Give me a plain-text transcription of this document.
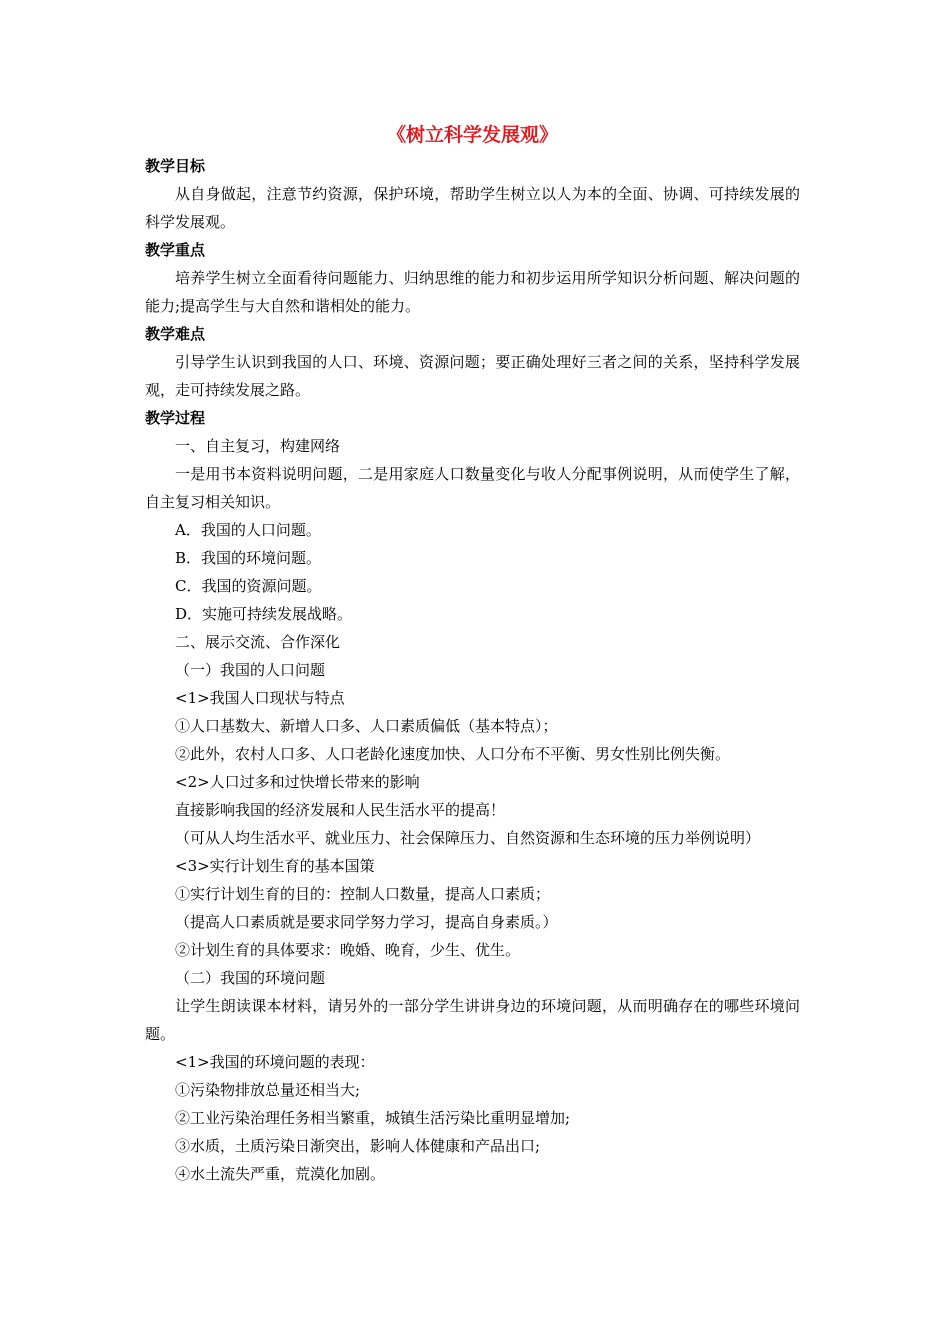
《树立科学发展观》
教学目标
从自身做起，注意节约资源，保护环境，帮助学生树立以人为本的全面、协调、可持续发展的科学发展观。
教学重点
培养学生树立全面看待问题能力、归纳思维的能力和初步运用所学知识分析问题、解决问题的能力;提高学生与大自然和谐相处的能力。
教学难点
引导学生认识到我国的人口、环境、资源问题；要正确处理好三者之间的关系，坚持科学发展观，走可持续发展之路。
教学过程
一、自主复习，构建网络
一是用书本资料说明问题，二是用家庭人口数量变化与收人分配事例说明，从而使学生了解，自主复习相关知识。
A．我国的人口问题。
B．我国的环境问题。
C．我国的资源问题。
D．实施可持续发展战略。
二、展示交流、合作深化
（一）我国的人口问题
<1>我国人口现状与特点
①人口基数大、新增人口多、人口素质偏低（基本特点）；
②此外，农村人口多、人口老龄化速度加快、人口分布不平衡、男女性别比例失衡。
<2>人口过多和过快增长带来的影响
直接影响我国的经济发展和人民生活水平的提高！
（可从人均生活水平、就业压力、社会保障压力、自然资源和生态环境的压力举例说明）
<3>实行计划生育的基本国策
①实行计划生育的目的：控制人口数量，提高人口素质；
（提高人口素质就是要求同学努力学习，提高自身素质。）
②计划生育的具体要求：晚婚、晚育，少生、优生。
（二）我国的环境问题
让学生朗读课本材料，请另外的一部分学生讲讲身边的环境问题，从而明确存在的哪些环境问题。
<1>我国的环境问题的表现：
①污染物排放总量还相当大;
②工业污染治理任务相当繁重，城镇生活污染比重明显增加;
③水质，土质污染日渐突出，影响人体健康和产品出口;
④水土流失严重，荒漠化加剧。
